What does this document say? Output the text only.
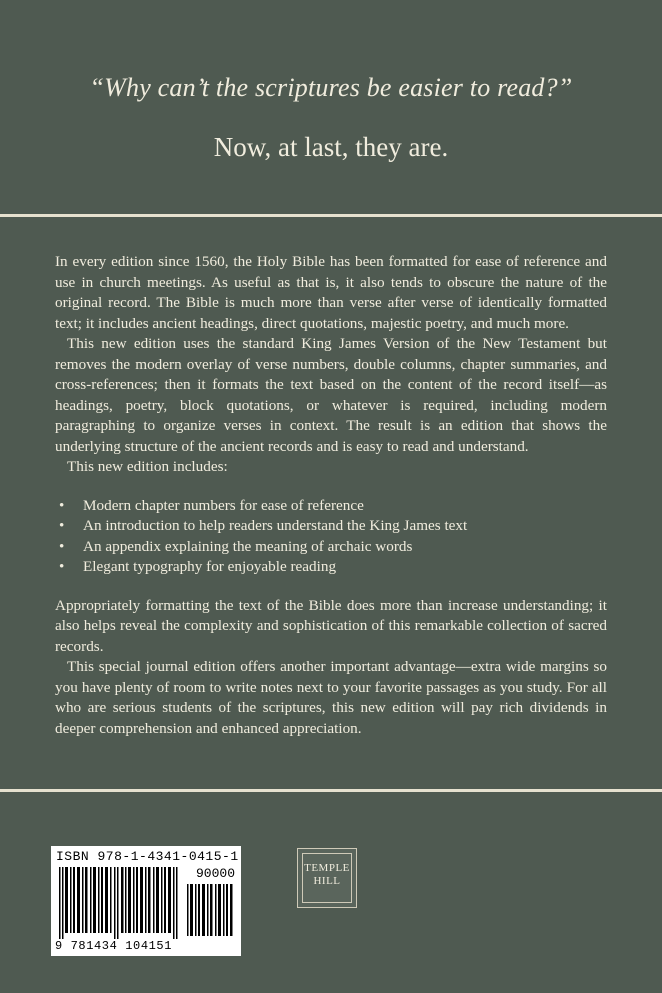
“Why can’t the scriptures be easier to read?”
Now, at last, they are.

In every edition since 1560, the Holy Bible has been formatted for ease of reference and use in church meetings. As useful as that is, it also tends to obscure the nature of the original record. The Bible is much more than verse after verse of identically formatted text; it includes ancient headings, direct quotations, majestic poetry, and much more.

This new edition uses the standard King James Version of the New Testament but removes the modern overlay of verse numbers, double columns, chapter summaries, and cross-references; then it formats the text based on the content of the record itself—as headings, poetry, block quotations, or whatever is required, including modern paragraphing to organize verses in context. The result is an edition that shows the underlying structure of the ancient records and is easy to read and understand.

This new edition includes:

• Modern chapter numbers for ease of reference
• An introduction to help readers understand the King James text
• An appendix explaining the meaning of archaic words
• Elegant typography for enjoyable reading

Appropriately formatting the text of the Bible does more than increase understanding; it also helps reveal the complexity and sophistication of this remarkable collection of sacred records.

This special journal edition offers another important advantage—extra wide margins so you have plenty of room to write notes next to your favorite passages as you study. For all who are serious students of the scriptures, this new edition will pay rich dividends in deeper comprehension and enhanced appreciation.

ISBN 978-1-4341-0415-1
90000
9 781434 104151
TEMPLE
HILL
